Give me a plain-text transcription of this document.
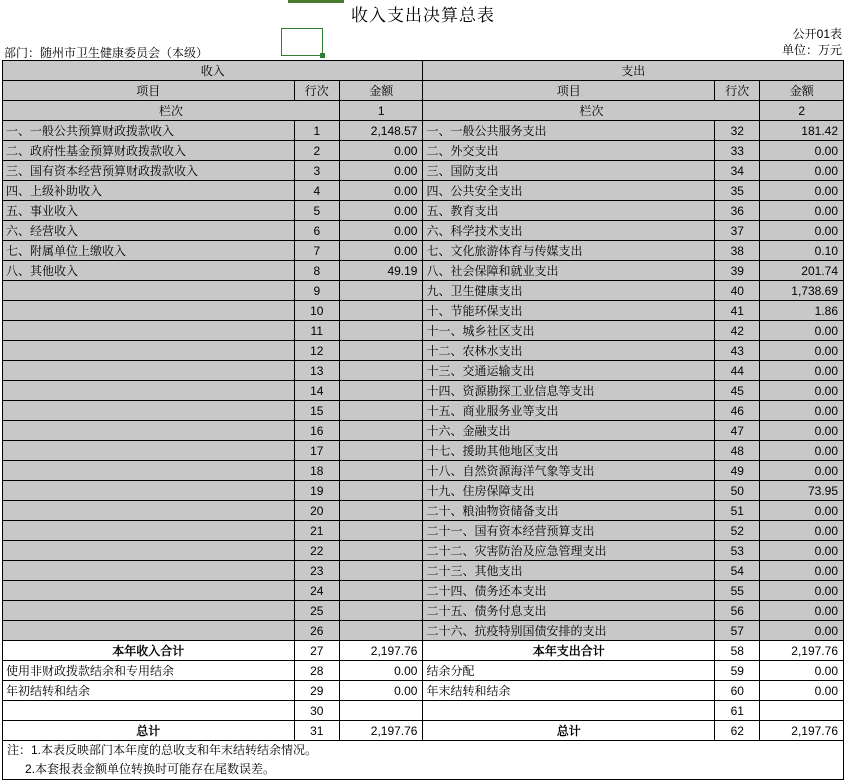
收入支出决算总表
公开01表
单位：万元
部门：随州市卫生健康委员会（本级）
收入			支出		
项目	行次	金额	项目	行次	金额
栏次		1	栏次		2
一、一般公共预算财政拨款收入	1	2,148.57	一、一般公共服务支出	32	181.42
二、政府性基金预算财政拨款收入	2	0.00	二、外交支出	33	0.00
三、国有资本经营预算财政拨款收入	3	0.00	三、国防支出	34	0.00
四、上级补助收入	4	0.00	四、公共安全支出	35	0.00
五、事业收入	5	0.00	五、教育支出	36	0.00
六、经营收入	6	0.00	六、科学技术支出	37	0.00
七、附属单位上缴收入	7	0.00	七、文化旅游体育与传媒支出	38	0.10
八、其他收入	8	49.19	八、社会保障和就业支出	39	201.74
	9		九、卫生健康支出	40	1,738.69
	10		十、节能环保支出	41	1.86
	11		十一、城乡社区支出	42	0.00
	12		十二、农林水支出	43	0.00
	13		十三、交通运输支出	44	0.00
	14		十四、资源勘探工业信息等支出	45	0.00
	15		十五、商业服务业等支出	46	0.00
	16		十六、金融支出	47	0.00
	17		十七、援助其他地区支出	48	0.00
	18		十八、自然资源海洋气象等支出	49	0.00
	19		十九、住房保障支出	50	73.95
	20		二十、粮油物资储备支出	51	0.00
	21		二十一、国有资本经营预算支出	52	0.00
	22		二十二、灾害防治及应急管理支出	53	0.00
	23		二十三、其他支出	54	0.00
	24		二十四、债务还本支出	55	0.00
	25		二十五、债务付息支出	56	0.00
	26		二十六、抗疫特别国债安排的支出	57	0.00
本年收入合计	27	2,197.76	本年支出合计	58	2,197.76
使用非财政拨款结余和专用结余	28	0.00	结余分配	59	0.00
年初结转和结余	29	0.00	年末结转和结余	60	0.00
	30			61	
总计	31	2,197.76	总计	62	2,197.76
注：1.本表反映部门本年度的总收支和年末结转结余情况。
2.本套报表金额单位转换时可能存在尾数误差。
